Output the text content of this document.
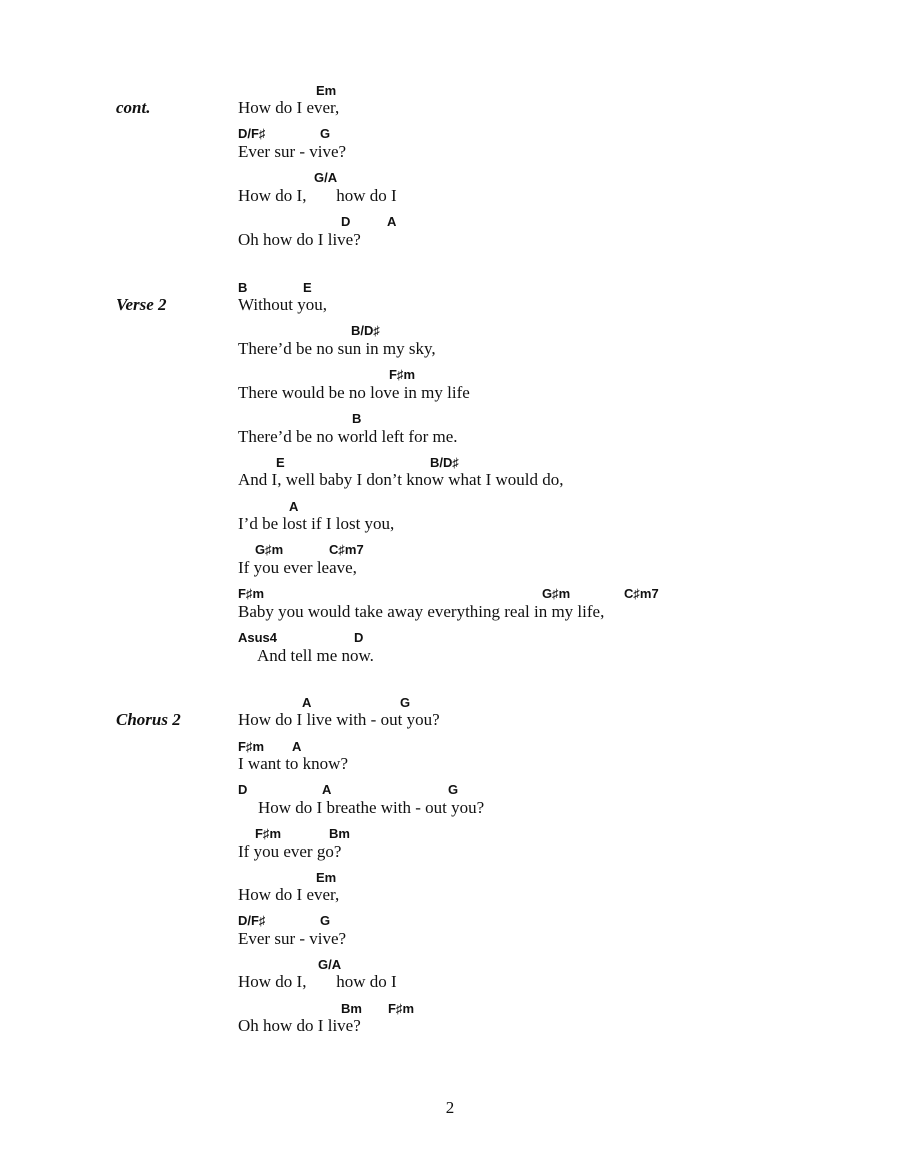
cont.
Verse 2
Chorus 2
Em
How do I ever,
D/F♯	G
Ever sur - vive?
G/A
How do I,       how do I
D	A
Oh how do I live?
B	E
Without you,
B/D♯
There’d be no sun in my sky,
F♯m
There would be no love in my life
B
There’d be no world left for me.
E	B/D♯
And I, well baby I don’t know what I would do,
A
I’d be lost if I lost you,
G♯m	C♯m7
If you ever leave,
F♯m	G♯m	C♯m7
Baby you would take away everything real in my life,
Asus4	D
And tell me now.
A	G
How do I live with - out you?
F♯m A
I want to know?
D	A	G
How do I breathe with - out you?
F♯m	Bm
If you ever go?
Em
How do I ever,
D/F♯	G
Ever sur - vive?
G/A
How do I,       how do I
Bm F♯m
Oh how do I live?
2
